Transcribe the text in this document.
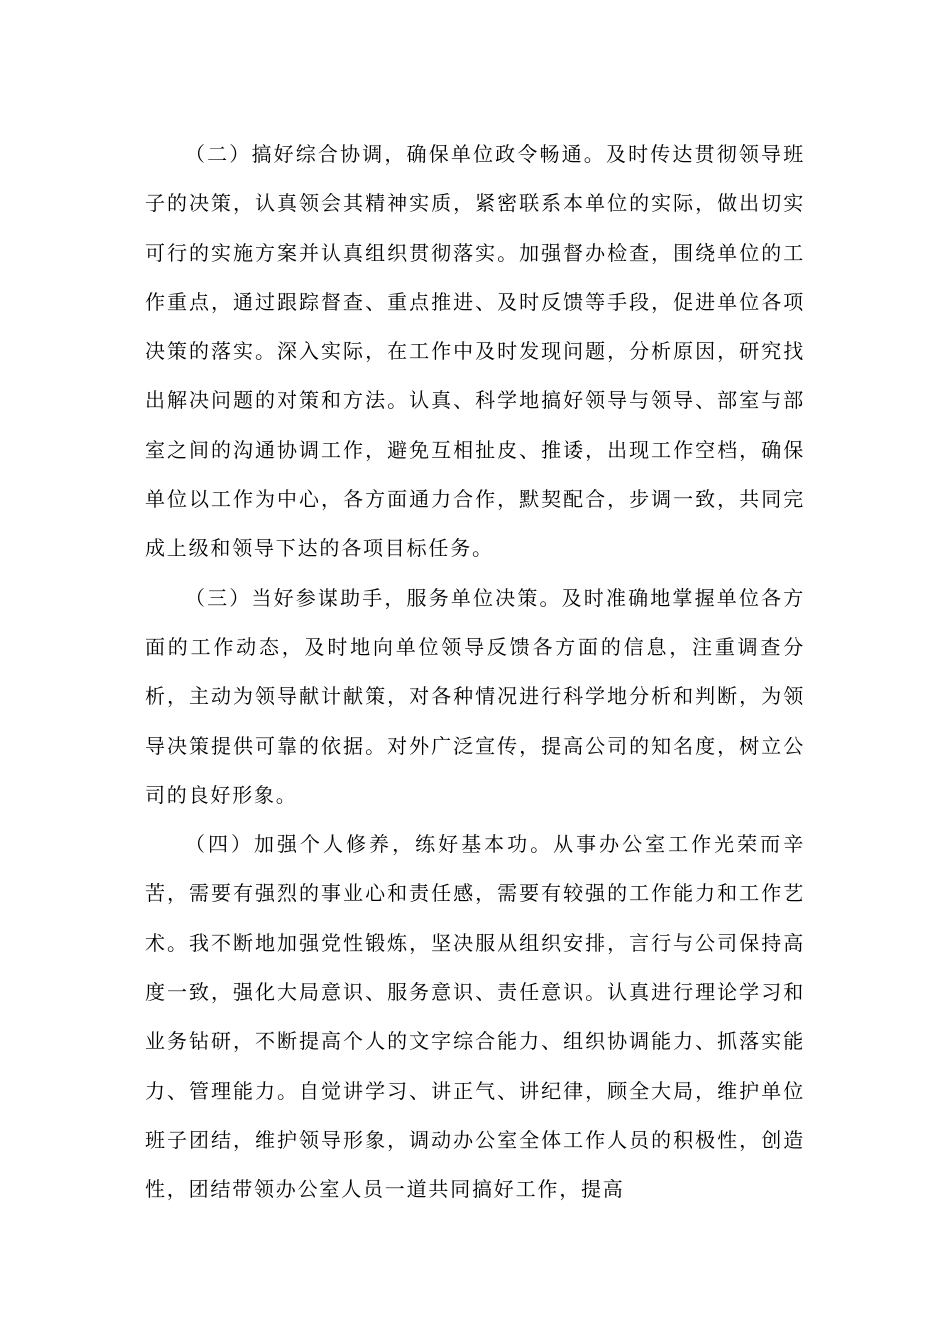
（二）搞好综合协调，确保单位政令畅通。及时传达贯彻领导班子的决策，认真领会其精神实质，紧密联系本单位的实际，做出切实可行的实施方案并认真组织贯彻落实。加强督办检查，围绕单位的工作重点，通过跟踪督查、重点推进、及时反馈等手段，促进单位各项决策的落实。深入实际，在工作中及时发现问题，分析原因，研究找出解决问题的对策和方法。认真、科学地搞好领导与领导、部室与部室之间的沟通协调工作，避免互相扯皮、推诿，出现工作空档，确保单位以工作为中心，各方面通力合作，默契配合，步调一致，共同完成上级和领导下达的各项目标任务。

（三）当好参谋助手，服务单位决策。及时准确地掌握单位各方面的工作动态，及时地向单位领导反馈各方面的信息，注重调查分析，主动为领导献计献策，对各种情况进行科学地分析和判断，为领导决策提供可靠的依据。对外广泛宣传，提高公司的知名度，树立公司的良好形象。

（四）加强个人修养，练好基本功。从事办公室工作光荣而辛苦，需要有强烈的事业心和责任感，需要有较强的工作能力和工作艺术。我不断地加强党性锻炼，坚决服从组织安排，言行与公司保持高度一致，强化大局意识、服务意识、责任意识。认真进行理论学习和业务钻研，不断提高个人的文字综合能力、组织协调能力、抓落实能力、管理能力。自觉讲学习、讲正气、讲纪律，顾全大局，维护单位班子团结，维护领导形象，调动办公室全体工作人员的积极性，创造性，团结带领办公室人员一道共同搞好工作，提高
